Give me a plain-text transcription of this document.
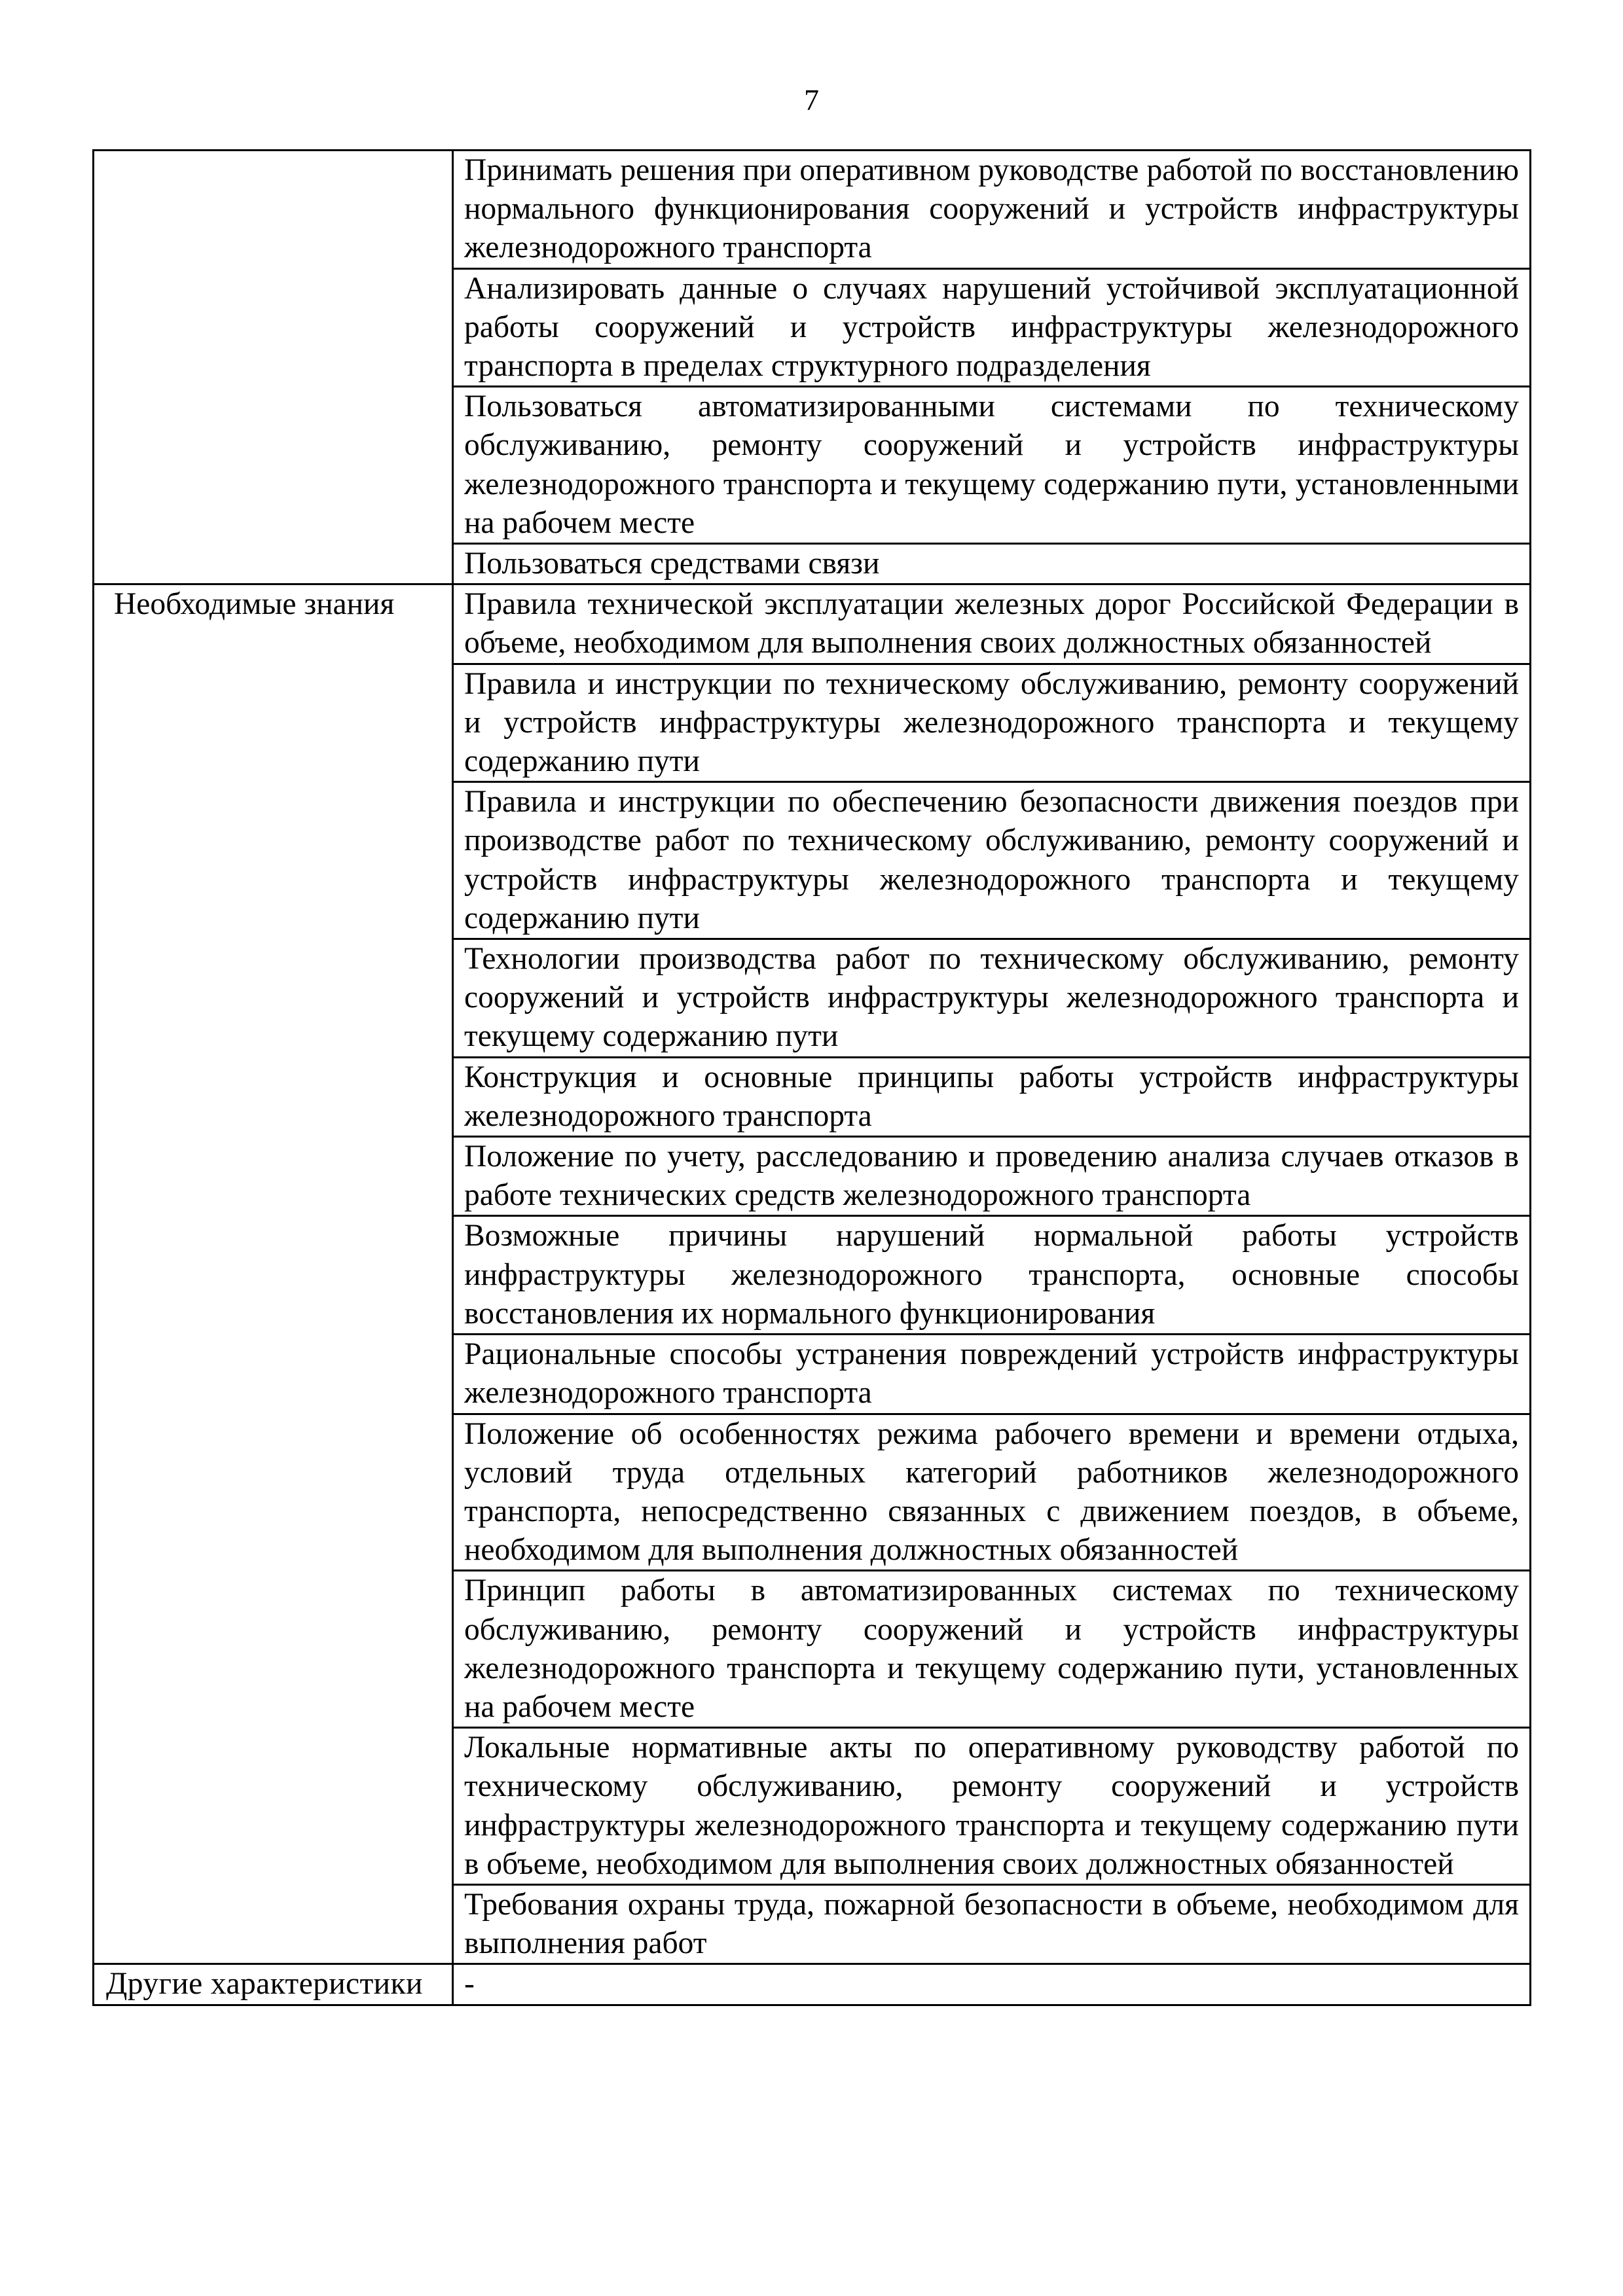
7
	Принимать решения при оперативном руководстве работой по восстановлению нормального функционирования сооружений и устройств инфраструктуры железнодорожного транспорта
	Анализировать данные о случаях нарушений устойчивой эксплуатационной работы сооружений и устройств инфраструктуры железнодорожного транспорта в пределах структурного подразделения
	Пользоваться автоматизированными системами по техническому обслуживанию, ремонту сооружений и устройств инфраструктуры железнодорожного транспорта и текущему содержанию пути, установленными на рабочем месте
	Пользоваться средствами связи
Необходимые знания	Правила технической эксплуатации железных дорог Российской Федерации в объеме, необходимом для выполнения своих должностных обязанностей
	Правила и инструкции по техническому обслуживанию, ремонту сооружений и устройств инфраструктуры железнодорожного транспорта и текущему содержанию пути
	Правила и инструкции по обеспечению безопасности движения поездов при производстве работ по техническому обслуживанию, ремонту сооружений и устройств инфраструктуры железнодорожного транспорта и текущему содержанию пути
	Технологии производства работ по техническому обслуживанию, ремонту сооружений и устройств инфраструктуры железнодорожного транспорта и текущему содержанию пути
	Конструкция и основные принципы работы устройств инфраструктуры железнодорожного транспорта
	Положение по учету, расследованию и проведению анализа случаев отказов в работе технических средств железнодорожного транспорта
	Возможные причины нарушений нормальной работы устройств инфраструктуры железнодорожного транспорта, основные способы восстановления их нормального функционирования
	Рациональные способы устранения повреждений устройств инфраструктуры железнодорожного транспорта
	Положение об особенностях режима рабочего времени и времени отдыха, условий труда отдельных категорий работников железнодорожного транспорта, непосредственно связанных с движением поездов, в объеме, необходимом для выполнения должностных обязанностей
	Принцип работы в автоматизированных системах по техническому обслуживанию, ремонту сооружений и устройств инфраструктуры железнодорожного транспорта и текущему содержанию пути, установленных на рабочем месте
	Локальные нормативные акты по оперативному руководству работой по техническому обслуживанию, ремонту сооружений и устройств инфраструктуры железнодорожного транспорта и текущему содержанию пути в объеме, необходимом для выполнения своих должностных обязанностей
	Требования охраны труда, пожарной безопасности в объеме, необходимом для выполнения работ
Другие характеристики	-
